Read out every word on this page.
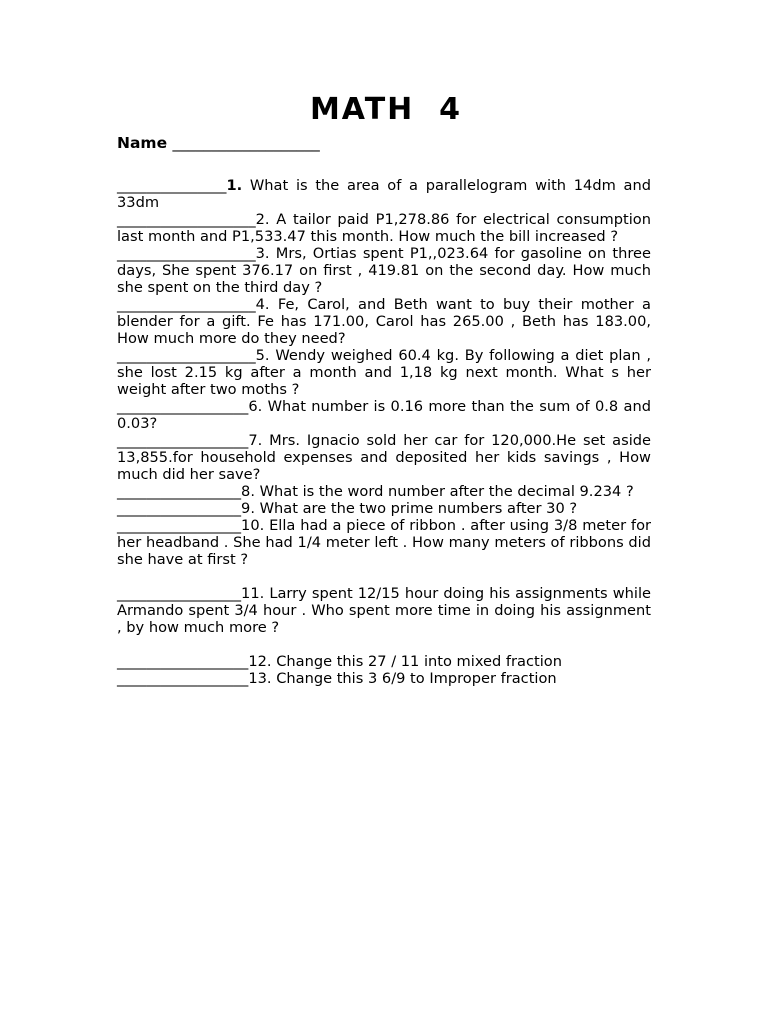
MATH  4
Name ___________________
_______________1. What is the area of a parallelogram with 14dm and 33dm
___________________2. A tailor paid P1,278.86 for electrical consumption last month and P1,533.47 this month. How much the bill increased ?
___________________3. Mrs, Ortias spent P1,,023.64 for gasoline on three days, She spent 376.17 on first , 419.81 on the second day. How much she spent on the third day ?
___________________4. Fe, Carol, and Beth want to buy their mother a blender for a gift. Fe has 171.00, Carol has 265.00 , Beth has 183.00, How much more do they need?
___________________5. Wendy weighed 60.4 kg. By following a diet plan , she lost 2.15 kg after a month and 1,18 kg next month. What s her weight after two moths ?
__________________6. What number is 0.16 more than the sum of 0.8 and 0.03?
__________________7. Mrs. Ignacio sold her car for 120,000.He set aside 13,855.for household expenses and deposited her kids savings , How much did her save?
_________________8. What is the word number after the decimal 9.234 ?
_________________9. What are the two prime numbers after 30 ?
_________________10. Ella had a piece of ribbon . after using 3/8 meter for her headband . She had 1/4 meter left . How many meters of ribbons did she have at first ?
_________________11. Larry spent 12/15 hour doing his assignments while Armando spent 3/4 hour . Who spent more time in doing his assignment , by how much more ?
__________________12. Change this 27 / 11 into mixed fraction
__________________13. Change this 3 6/9 to Improper fraction
